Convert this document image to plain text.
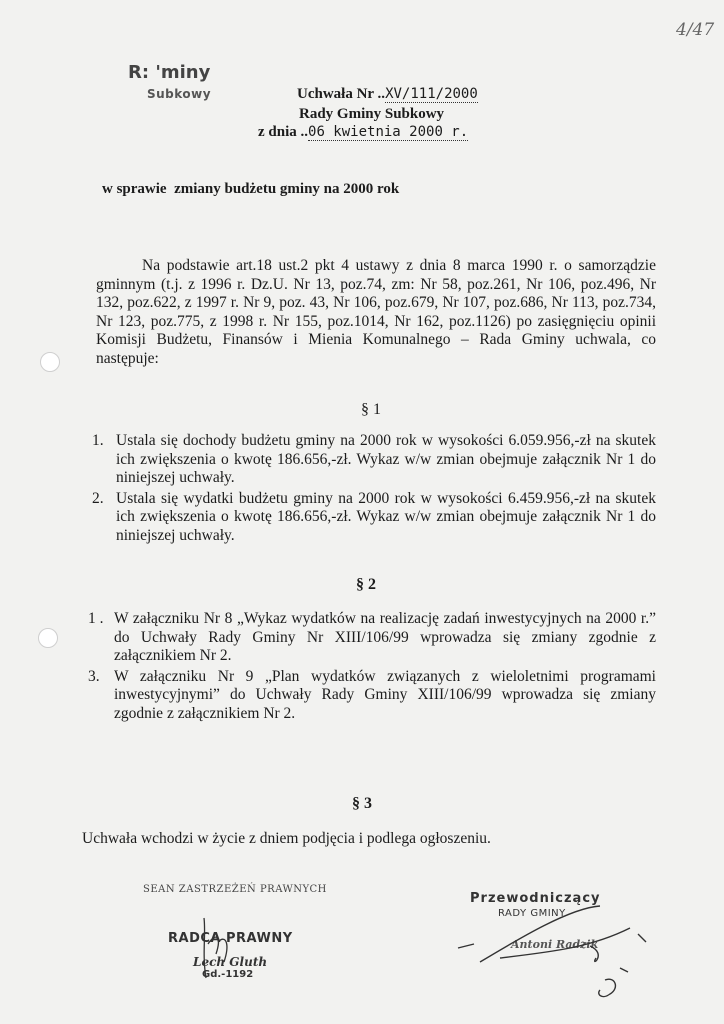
4/47
R: 'miny
Subkowy	Uchwała Nr ..XV/111/2000
Rady Gminy Subkowy
z dnia ..06 kwietnia 2000 r.
w sprawie zmiany budżetu gminy na 2000 rok
Na podstawie art.18 ust.2 pkt 4 ustawy z dnia 8 marca 1990 r. o samorządzie gminnym (t.j. z 1996 r. Dz.U. Nr 13, poz.74, zm: Nr 58, poz.261, Nr 106, poz.496, Nr 132, poz.622, z 1997 r. Nr 9, poz. 43, Nr 106, poz.679, Nr 107, poz.686, Nr 113, poz.734, Nr 123, poz.775, z 1998 r. Nr 155, poz.1014, Nr 162, poz.1126) po zasięgnięciu opinii Komisji Budżetu, Finansów i Mienia Komunalnego – Rada Gminy uchwala, co następuje:
§ 1
1. Ustala się dochody budżetu gminy na 2000 rok w wysokości 6.059.956,-zł na skutek ich zwiększenia o kwotę 186.656,-zł. Wykaz w/w zmian obejmuje załącznik Nr 1 do niniejszej uchwały.
2. Ustala się wydatki budżetu gminy na 2000 rok w wysokości 6.459.956,-zł na skutek ich zwiększenia o kwotę 186.656,-zł. Wykaz w/w zmian obejmuje załącznik Nr 1 do niniejszej uchwały.
§ 2
1 . W załączniku Nr 8 „Wykaz wydatków na realizację zadań inwestycyjnych na 2000 r.” do Uchwały Rady Gminy Nr XIII/106/99 wprowadza się zmiany zgodnie z załącznikiem Nr 2.
3. W załączniku Nr 9 „Plan wydatków związanych z wieloletnimi programami inwestycyjnymi” do Uchwały Rady Gminy XIII/106/99 wprowadza się zmiany zgodnie z załącznikiem Nr 2.
§ 3
Uchwała wchodzi w życie z dniem podjęcia i podlega ogłoszeniu.
SEAN ZASTRZEŻEŃ PRAWNYCH
RADCA PRAWNY
Lech Gluth
Gd.-1192
Przewodniczący
RADY GMINY
Antoni Radzik
